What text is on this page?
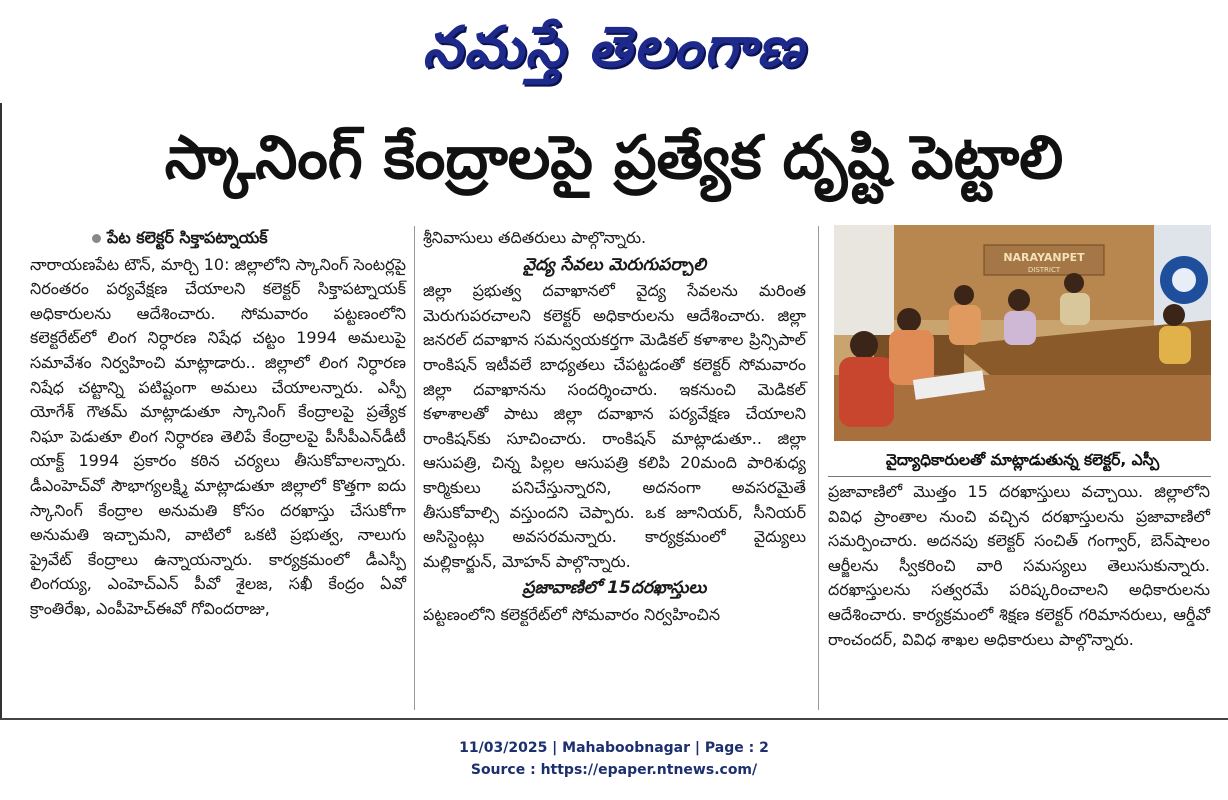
నమస్తే తెలంగాణ
స్కానింగ్ కేంద్రాలపై ప్రత్యేక దృష్టి పెట్టాలి
పేట కలెక్టర్ సిక్తాపట్నాయక్

నారాయణపేట టౌన్, మార్చి 10: జిల్లాలోని స్కానింగ్ సెంటర్లపై నిరంతరం పర్యవేక్షణ చేయాలని కలెక్టర్ సిక్తాపట్నాయక్ అధికారులను ఆదేశించారు. సోమవారం పట్టణంలోని కలెక్టరేట్‌లో లింగ నిర్ధారణ నిషేధ చట్టం 1994 అమలుపై సమావేశం నిర్వహించి మాట్లాడారు.. జిల్లాలో లింగ నిర్ధారణ నిషేధ చట్టాన్ని పటిష్టంగా అమలు చేయాలన్నారు. ఎస్పీ యోగేశ్ గౌతమ్ మాట్లాడుతూ స్కానింగ్ కేంద్రాలపై ప్రత్యేక నిఘా పెడుతూ లింగ నిర్ధారణ తెలిపే కేంద్రాలపై పీసీపీఎన్‌డీటీ యాక్ట్ 1994 ప్రకారం కఠిన చర్యలు తీసుకోవాలన్నారు. డీఎంహెచ్‌వో సౌభాగ్యలక్ష్మి మాట్లాడుతూ జిల్లాలో కొత్తగా ఐదు స్కానింగ్ కేంద్రాల అనుమతి కోసం దరఖాస్తు చేసుకోగా అనుమతి ఇచ్చామని, వాటిలో ఒకటి ప్రభుత్వ, నాలుగు ప్రైవేట్ కేంద్రాలు ఉన్నాయన్నారు. కార్యక్రమంలో డీఎస్పీ లింగయ్య, ఎంహెచ్ఎన్ పీవో శైలజ, సఖీ కేంద్రం ఏవో క్రాంతిరేఖ, ఎంపీహెచ్ఈవో గోవిందరాజు,

శ్రీనివాసులు తదితరులు పాల్గొన్నారు.

వైద్య సేవలు మెరుగుపర్చాలి

జిల్లా ప్రభుత్వ దవాఖానలో వైద్య సేవలను మరింత మెరుగుపరచాలని కలెక్టర్ అధికారులను ఆదేశించారు. జిల్లా జనరల్ దవాఖాన సమన్వయకర్తగా మెడికల్ కళాశాల ప్రిన్సిపాల్ రాంకిషన్ ఇటీవలే బాధ్యతలు చేపట్టడంతో కలెక్టర్ సోమవారం జిల్లా దవాఖానను సందర్శించారు. ఇకనుంచి మెడికల్ కళాశాలతో పాటు జిల్లా దవాఖాన పర్యవేక్షణ చేయాలని రాంకిషన్‌కు సూచించారు. రాంకిషన్ మాట్లాడుతూ.. జిల్లా ఆసుపత్రి, చిన్న పిల్లల ఆసుపత్రి కలిపి 20మంది పారిశుధ్య కార్మికులు పనిచేస్తున్నారని, అదనంగా అవసరమైతే తీసుకోవాల్సి వస్తుందని చెప్పారు. ఒక జూనియర్, సీనియర్ అసిస్టెంట్లు అవసరమన్నారు. కార్యక్రమంలో వైద్యులు మల్లికార్జున్, మోహన్ పాల్గొన్నారు.

ప్రజావాణిలో 15దరఖాస్తులు

పట్టణంలోని కలెక్టరేట్‌లో సోమవారం నిర్వహించిన

NARAYANPET
DISTRICT
వైద్యాధికారులతో మాట్లాడుతున్న కలెక్టర్, ఎస్పీ

ప్రజావాణిలో మొత్తం 15 దరఖాస్తులు వచ్చాయి. జిల్లాలోని వివిధ ప్రాంతాల నుంచి వచ్చిన దరఖాస్తులను ప్రజావాణిలో సమర్పించారు. అదనపు కలెక్టర్ సంచిత్ గంగ్వార్, బెన్‌షాలం ఆర్జీలను స్వీకరించి వారి సమస్యలు తెలుసుకున్నారు. దరఖాస్తులను సత్వరమే పరిష్కరించాలని అధికారులను ఆదేశించారు. కార్యక్రమంలో శిక్షణ కలెక్టర్ గరిమానరులు, ఆర్డీవో రాంచందర్, వివిధ శాఖల అధికారులు పాల్గొన్నారు.

11/03/2025 | Mahaboobnagar | Page : 2
Source : https://epaper.ntnews.com/
